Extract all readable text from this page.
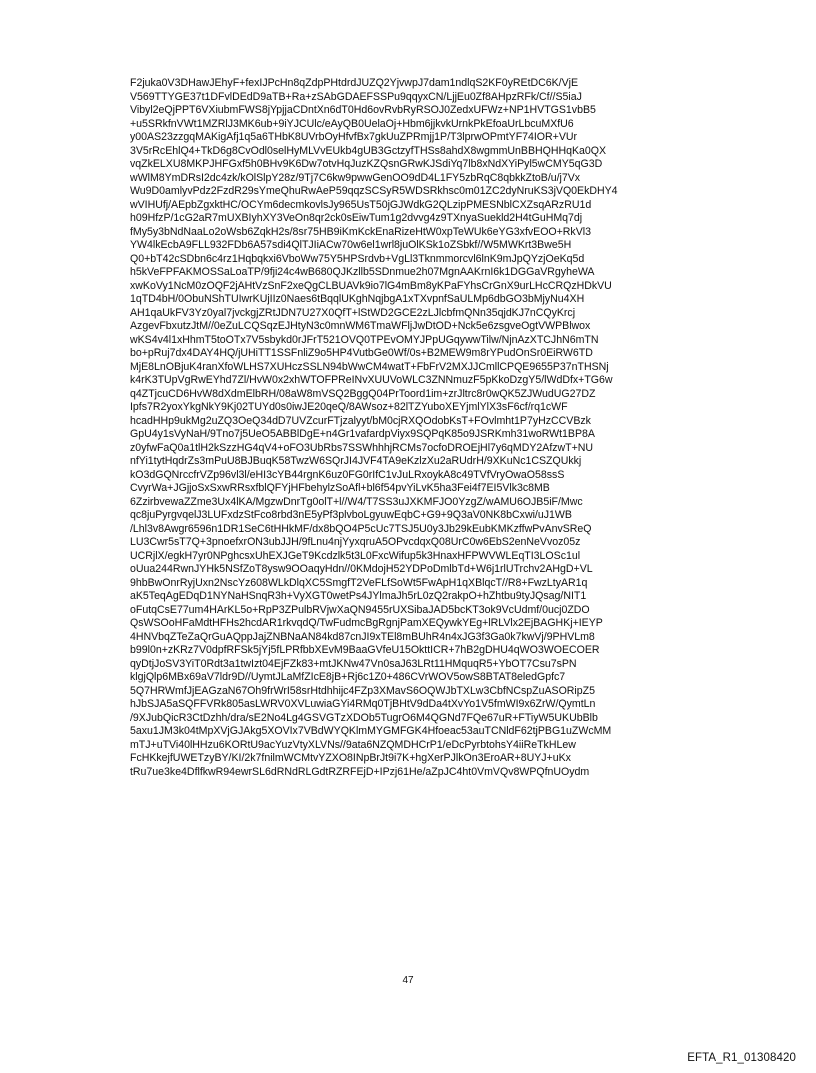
F2juka0V3DHawJEhyF+fexIJPcHn8qZdpPHtdrdJUZQ2YjvwpJ7dam1ndlqS2KF0yREtDC6K/VjE
V569TTYGE37t1DFvlDEdD9aTB+Ra+zSAbGDAEFSSPu9qqyxCN/LjjEu0Zf8AHpzRFk/Cf//S5iaJ
Vibyl2eQjPPT6VXiubmFWS8jYpjjaCDntXn6dT0Hd6ovRvbRyRSOJ0ZedxUFWz+NP1HVTGS1vbB5
+u5SRkfnVWt1MZRlJ3MK6ub+9iYJCUlc/eAyQB0UelaOj+Hbm6jjkvkUrnkPkEfoaUrLbcuMXfU6
y00AS23zzgqMAKigAfj1q5a6THbK8UVrbOyHfvfBx7gkUuZPRmjj1P/T3lprwOPmtYF74IOR+VUr
3V5rRcEhlQ4+TkD6g8CvOdl0selHyMLVvEUkb4gUB3GctzyfTHSs8ahdX8wgmmUnBBHQHHqKa0QX
vqZkELXU8MKPJHFGxf5h0BHv9K6Dw7otvHqJuzKZQsnGRwKJSdiYq7lb8xNdXYiPyl5wCMY5qG3D
wWlM8YmDRsI2dc4zk/kOlSlpY28z/9Tj7C6kw9pwwGenOO9dD4L1FY5zbRqC8qbkkZtoB/u/j7Vx
Wu9D0amlyvPdz2FzdR29sYmeQhuRwAeP59qqzSCSyR5WDSRkhsc0m01ZC2dyNruKS3jVQ0EkDHY4
wVIHUfj/AEpbZgxktHC/OCYm6decmkovlsJy965UsT50jGJWdkG2QLzipPMESNblCXZsqARzRU1d
h09HfzP/1cG2aR7mUXBIyhXY3VeOn8qr2ck0sEiwTum1g2dvvg4z9TXnyaSuekld2H4tGuHMq7dj
fMy5y3bNdNaaLo2oWsb6ZqkH2s/8sr75HB9iKmKckEnaRizeHtW0xpTeWUk6eYG3xfvEOO+RkVl3
YW4lkEcbA9FLL932FDb6A57sdi4QlTJIiACw70w6el1wrl8juOlKSk1oZSbkf//W5MWKrt3Bwe5H
Q0+bT42cSDbn6c4rz1Hqbqkxi6VboWw75Y5HPSrdvb+VgLl3Tknmmorcvl6lnK9mJpQYzjOeKq5d
h5kVeFPFAKMOSSaLoaTP/9fji24c4wB680QJKzllb5SDnmue2h07MgnAAKrnI6k1DGGaVRgyheWA
xwKoVy1NcM0zOQF2jAHtVzSnF2xeQgCLBUAVk9io7lG4mBm8yKPaFYhsCrGnX9urLHcCRQzHDkVU
1qTD4bH/0ObuNShTUIwrKUjIIz0Naes6tBqqlUKghNqjbgA1xTXvpnfSaULMp6dbGO3bMjyNu4XH
AH1qaUkFV3Yz0yal7jvckgjZRtJDN7U27X0QfT+lStWD2GCE2zLJlcbfmQNn35qjdKJ7nCQyKrcj
AzgevFbxutzJtM//0eZuLCQSqzEJHtyN3c0mnWM6TmaWFljJwDtOD+Nck5e6zsgveOgtVWPBlwox
wKS4v4l1xHhmT5toOTx7V5sbykd0rJFrT521OVQ0TPEvOMYJPpUGqywwTilw/NjnAzXTCJhN6mTN
bo+pRuj7dx4DAY4HQ/jUHiTT1SSFnliZ9o5HP4VutbGe0Wf/0s+B2MEW9m8rYPudOnSr0EiRW6TD
MjE8LnOBjuK4ranXfoWLHS7XUHczSSLN94bWwCM4watT+FbFrV2MXJJCmllCPQE9655P37nTHSNj
k4rK3TUpVgRwEYhd7Zl/HvW0x2xhWTOFPReINvXUUVoWLC3ZNNmuzF5pKkoDzgY5/lWdDfx+TG6w
q4ZTjcuCD6HvW8dXdmElbRH/08aW8mVSQ2BggQ04PrToord1im+zrJltrc8r0wQK5ZJWudUG27DZ
Ipfs7R2yoxYkgNkY9Kj02TUYd0s0iwJE20qeQ/8AWsoz+82lTZYuboXEYjmlYlX3sF6cf/rq1cWF
hcadHHp9ukMg2uZQ3OeQ34dD7UVZcurFTjzalyyt/bM0cjRXQOdobKsT+FOvlmht1P7yHzCCVBzk
GpU4y1sVyNaH/9Tno7j5UeO5ABBlDgE+n4Gr1vafardpViyx9SQPqK85o9JSRKmh31woRWt1BP8A
z0yfwFaQ0a1tlH2kSzzHG4qV4+oFO3UbRbs7SSWhhhjRCMs7ocfoDROEjHl7y6qMDY2AfzwT+NU
nfYi1tytHqdrZs3mPuU8BJBuqK58TwzW6SQrJI4JVF4TA9eKzlzXu2aRUdrH/9XKuNc1CSZQUkkj
kO3dGQNrccfrVZp96vl3l/eHI3cYB44rgnK6uz0FG0rIfC1vJuLRxoykA8c49TVfVryOwaO58ssS
CvyrWa+JGjjoSxSxwRRsxfblQFYjHFbehylzSoAfl+bl6f54pvYiLvK5ha3Fei4f7EI5Vlk3c8MB
6ZzirbvewaZZme3Ux4lKA/MgzwDnrTg0olT+l//W4/T7SS3uJXKMFJO0YzgZ/wAMU6OJB5iF/Mwc
qc8juPyrgvqelJ3LUFxdzStFco8rbd3nE5yPf3plvboLgyuwEqbC+G9+9Q3aV0NK8bCxwi/uJ1WB
/Lhl3v8Awgr6596n1DR1SeC6tHHkMF/dx8bQO4P5cUc7TSJ5U0y3Jb29kEubKMKzffwPvAnvSReQ
LU3Cwr5sT7Q+3pnoefxrON3ubJJH/9fLnu4njYyxqruA5OPvcdqxQ08UrC0w6EbS2enNeVvoz05z
UCRjlX/egkH7yr0NPghcsxUhEXJGeT9Kcdzlk5t3L0FxcWifup5k3HnaxHFPWVWLEqTI3LOSc1ul
oUua244RwnJYHk5NSfZoT8ysw9OOaqyHdn//0KMdojH52YDPoDmlbTd+W6j1rlUTrchv2AHgD+VL
9hbBwOnrRyjUxn2NscYz608WLkDlqXC5SmgfT2VeFLfSoWt5FwApH1qXBlqcT//R8+FwzLtyAR1q
aK5TeqAgEDqD1NYNaHSnqR3h+VyXGT0wetPs4JYlmaJh5rL0zQ2rakpO+hZhtbu9tyJQsag/NIT1
oFutqCsE77um4HArKL5o+RpP3ZPulbRVjwXaQN9455rUXSibaJAD5bcKT3ok9VcUdmf/0ucj0ZDO
QsWSOoHFaMdtHFHs2hcdAR1rkvqdQ/TwFudmcBgRgnjPamXEQywkYEg+lRLVlx2EjBAGHKj+IEYP
4HNVbqZTeZaQrGuAQppJajZNBNaAN84kd87cnJI9xTEl8mBUhR4n4xJG3f3Ga0k7kwVj/9PHVLm8
b99l0n+zKRz7V0dpfRFSk5jYj5fLPRfbbXEvM9BaaGVfeU15OkttICR+7hB2gDHU4qWO3WOECOER
qyDtjJoSV3YiT0Rdt3a1twIzt04EjFZk83+mtJKNw47Vn0saJ63LRt11HMquqR5+YbOT7Csu7sPN
klgjQlp6MBx69aV7ldr9D//UymtJLaMfZIcE8jB+Rj6c1Z0+486CVrWOV5owS8BTAT8eledGpfc7
5Q7HRWmfJjEAGzaN67Oh9frWrI58srHtdhhijc4FZp3XMavS6OQWJbTXLw3CbfNCspZuASORipZ5
hJbSJA5aSQFFVRk805asLWRV0XVLuwiaGYi4RMq0TjBHtV9dDa4tXvYo1V5fmWI9x6ZrW/QymtLn
/9XJubQicR3CtDzhh/dra/sE2No4Lg4GSVGTzXDOb5TugrO6M4QGNd7FQe67uR+FTiyW5UKUbBlb
5axu1JM3k04tMpXVjGJAkg5XOVIx7VBdWYQKlmMYGMFGK4Hfoeac53auTCNldF62tjPBG1uZWcMM
mTJ+uTVi40lHHzu6KORtU9acYuzVtyXLVNs//9ata6NZQMDHCrP1/eDcPyrbtohsY4iiReTkHLew
FcHKkejfUWETzyBY/KI/2k7fnilmWCMtvYZXO8INpBrJt9i7K+hgXerPJlkOn3EroAR+8UYJ+uKx
tRu7ue3ke4DflfkwR94ewrSL6dRNdRLGdtRZRFEjD+IPzj61He/aZpJC4ht0VmVQv8WPQfnUOydm
47
EFTA_R1_01308420
